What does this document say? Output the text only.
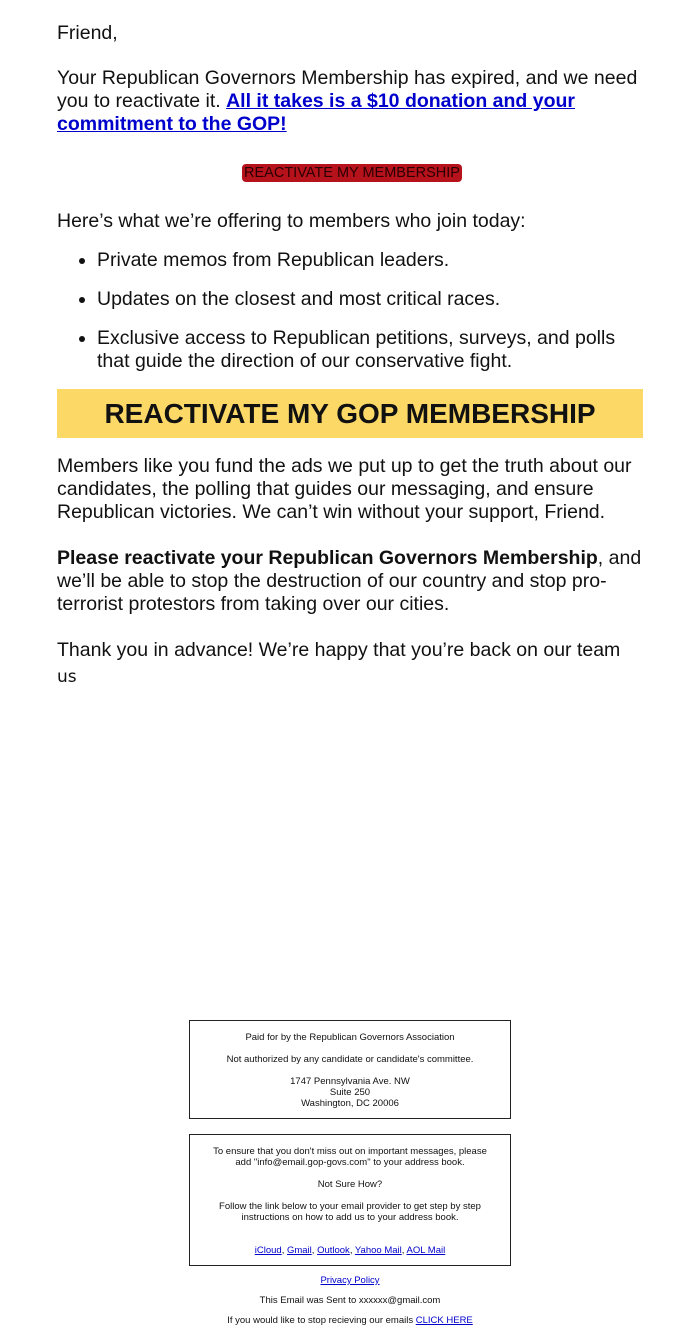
Friend,

Your Republican Governors Membership has expired, and we need you to reactivate it. All it takes is a $10 donation and your commitment to the GOP!

REACTIVATE MY MEMBERSHIP

Here’s what we’re offering to members who join today:

• Private memos from Republican leaders.
• Updates on the closest and most critical races.
• Exclusive access to Republican petitions, surveys, and polls that guide the direction of our conservative fight.
REACTIVATE MY GOP MEMBERSHIP

Members like you fund the ads we put up to get the truth about our candidates, the polling that guides our messaging, and ensure Republican victories. We can’t win without your support, Friend.

Please reactivate your Republican Governors Membership, and we’ll be able to stop the destruction of our country and stop pro-terrorist protestors from taking over our cities.

Thank you in advance! We’re happy that you’re back on our team

us

Paid for by the Republican Governors Association

Not authorized by any candidate or candidate's committee.

1747 Pennsylvania Ave. NW

Suite 250

Washington, DC 20006

To ensure that you don't miss out on important messages, please add "info@email.gop-govs.com" to your address book.

Not Sure How?

Follow the link below to your email provider to get step by step instructions on how to add us to your address book.

iCloud, Gmail, Outlook, Yahoo Mail, AOL Mail

Privacy Policy
This Email was Sent to xxxxxx@gmail.com
If you would like to stop recieving our emails CLICK HERE
